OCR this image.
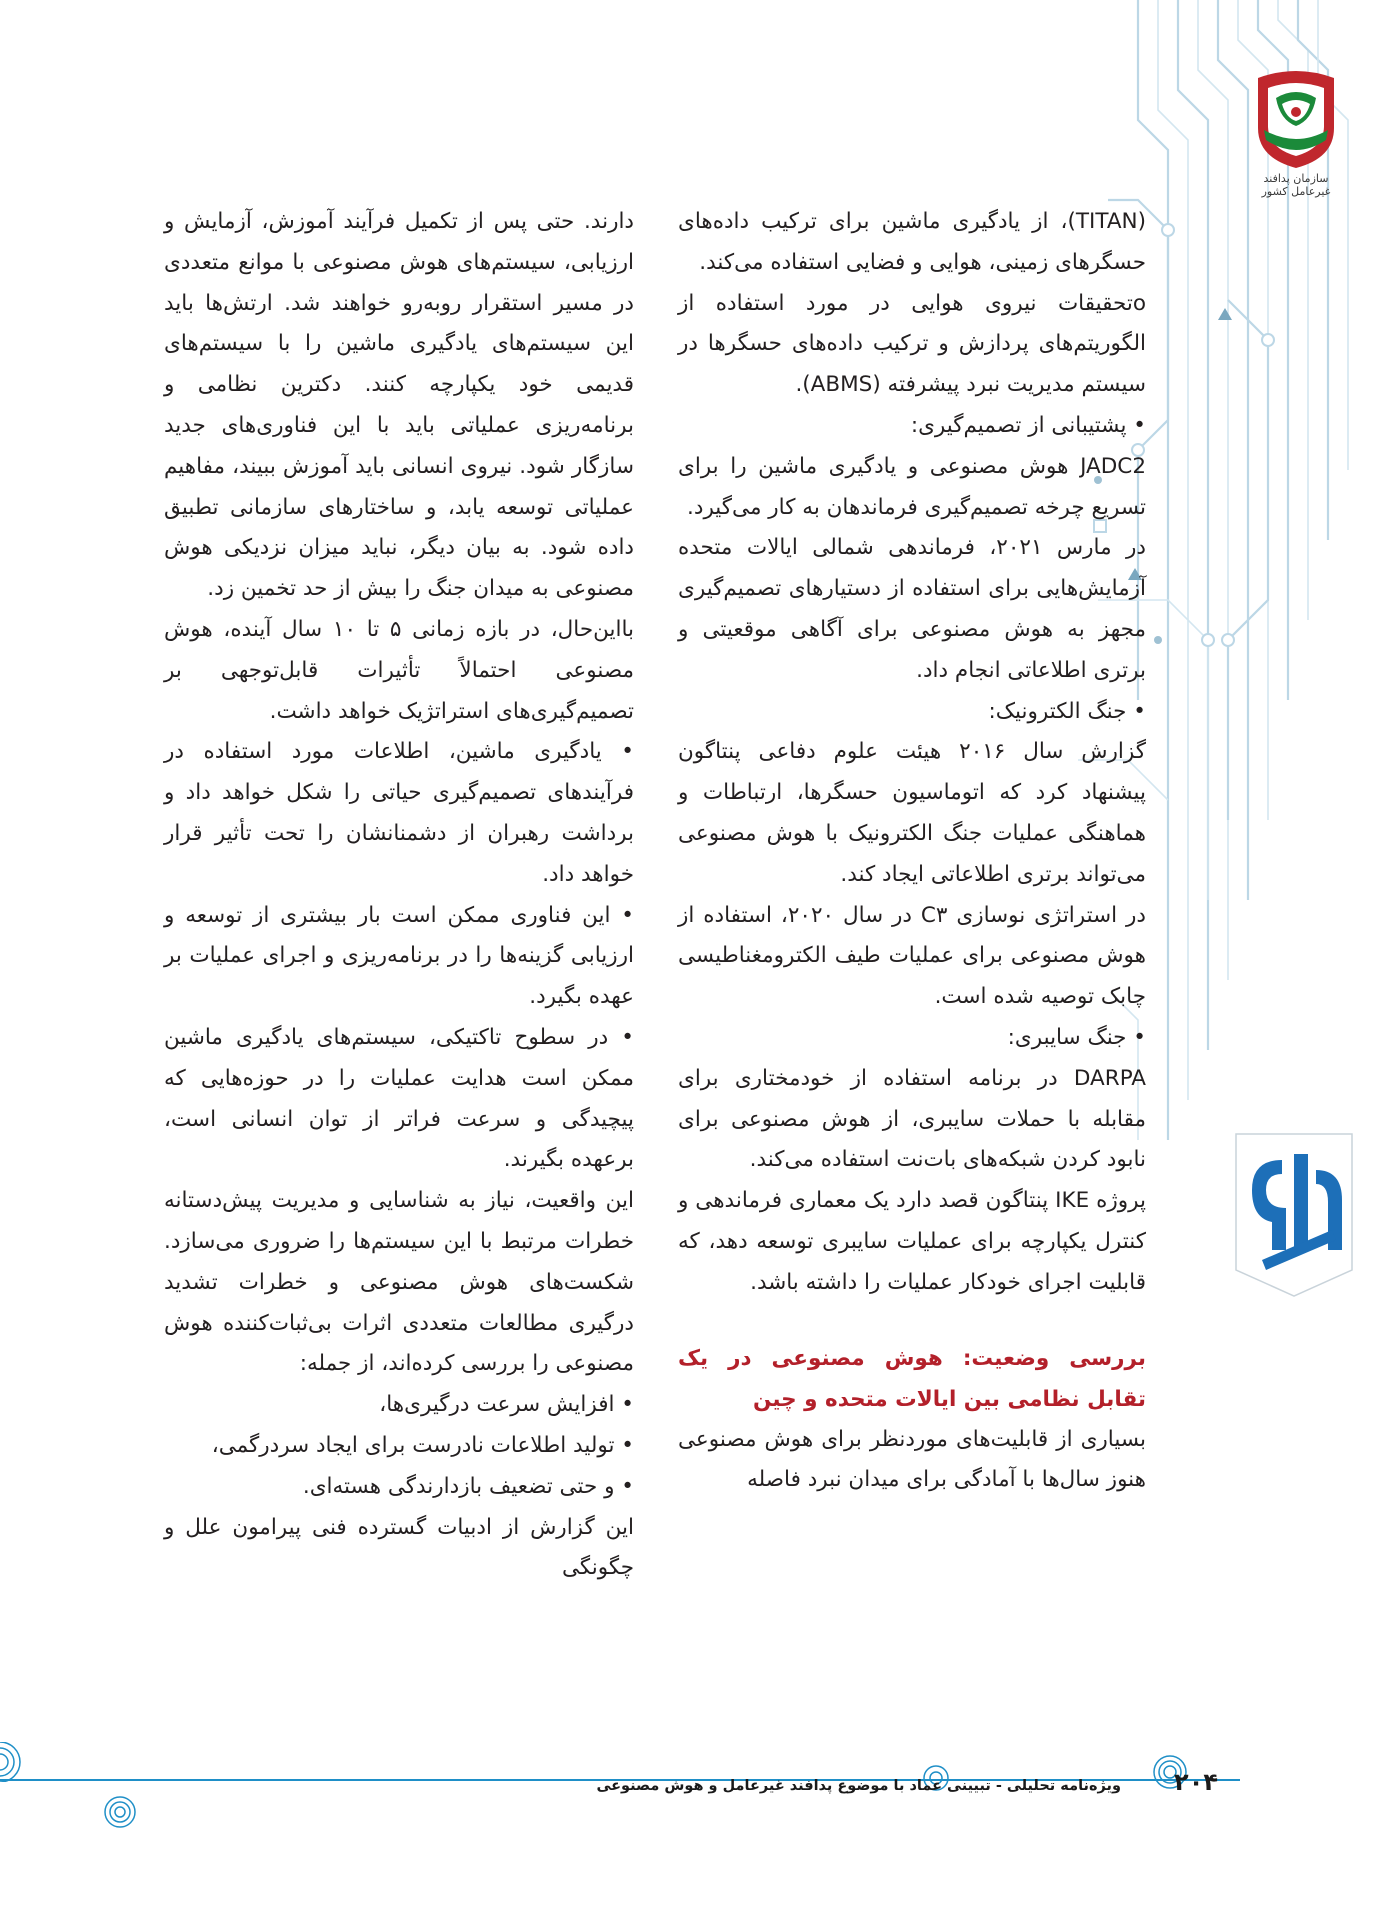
سازمان پدافند غیرعامل کشور

(TITAN)، از یادگیری ماشین برای ترکیب داده‌های حسگرهای زمینی، هوایی و فضایی استفاده می‌کند.

oتحقیقات نیروی هوایی در مورد استفاده از الگوریتم‌های پردازش و ترکیب داده‌های حسگرها در سیستم مدیریت نبرد پیشرفته (ABMS).

• پشتیبانی از تصمیم‌گیری:

JADC2 هوش مصنوعی و یادگیری ماشین را برای تسریع چرخه تصمیم‌گیری فرماندهان به کار می‌گیرد.

در مارس ۲۰۲۱، فرماندهی شمالی ایالات متحده آزمایش‌هایی برای استفاده از دستیارهای تصمیم‌گیری مجهز به هوش مصنوعی برای آگاهی موقعیتی و برتری اطلاعاتی انجام داد.

• جنگ الکترونیک:

گزارش سال ۲۰۱۶ هیئت علوم دفاعی پنتاگون پیشنهاد کرد که اتوماسیون حسگرها، ارتباطات و هماهنگی عملیات جنگ الکترونیک با هوش مصنوعی می‌تواند برتری اطلاعاتی ایجاد کند.

در استراتژی نوسازی C۳ در سال ۲۰۲۰، استفاده از هوش مصنوعی برای عملیات طیف الکترومغناطیسی چابک توصیه شده است.

• جنگ سایبری:

DARPA در برنامه استفاده از خودمختاری برای مقابله با حملات سایبری، از هوش مصنوعی برای نابود کردن شبکه‌های بات‌نت استفاده می‌کند.

پروژه IKE پنتاگون قصد دارد یک معماری فرماندهی و کنترل یکپارچه برای عملیات سایبری توسعه دهد، که قابلیت اجرای خودکار عملیات را داشته باشد.

بررسی وضعیت: هوش مصنوعی در یک تقابل نظامی بین ایالات متحده و چین

بسیاری از قابلیت‌های موردنظر برای هوش مصنوعی هنوز سال‌ها با آمادگی برای میدان نبرد فاصله

دارند. حتی پس از تکمیل فرآیند آموزش، آزمایش و ارزیابی، سیستم‌های هوش مصنوعی با موانع متعددی در مسیر استقرار روبه‌رو خواهند شد. ارتش‌ها باید این سیستم‌های یادگیری ماشین را با سیستم‌های قدیمی خود یکپارچه کنند. دکترین نظامی و برنامه‌ریزی عملیاتی باید با این فناوری‌های جدید سازگار شود. نیروی انسانی باید آموزش ببیند، مفاهیم عملیاتی توسعه یابد، و ساختارهای سازمانی تطبیق داده شود. به بیان دیگر، نباید میزان نزدیکی هوش مصنوعی به میدان جنگ را بیش از حد تخمین زد.

بااین‌حال، در بازه زمانی ۵ تا ۱۰ سال آینده، هوش مصنوعی احتمالاً تأثیرات قابل‌توجهی بر تصمیم‌گیری‌های استراتژیک خواهد داشت.

• یادگیری ماشین، اطلاعات مورد استفاده در فرآیندهای تصمیم‌گیری حیاتی را شکل خواهد داد و برداشت رهبران از دشمنانشان را تحت تأثیر قرار خواهد داد.

• این فناوری ممکن است بار بیشتری از توسعه و ارزیابی گزینه‌ها را در برنامه‌ریزی و اجرای عملیات بر عهده بگیرد.

• در سطوح تاکتیکی، سیستم‌های یادگیری ماشین ممکن است هدایت عملیات را در حوزه‌هایی که پیچیدگی و سرعت فراتر از توان انسانی است، برعهده بگیرند.

این واقعیت، نیاز به شناسایی و مدیریت پیش‌دستانه خطرات مرتبط با این سیستم‌ها را ضروری می‌سازد. شکست‌های هوش مصنوعی و خطرات تشدید درگیری مطالعات متعددی اثرات بی‌ثبات‌کننده هوش مصنوعی را بررسی کرده‌اند، از جمله:

• افزایش سرعت درگیری‌ها،

• تولید اطلاعات نادرست برای ایجاد سردرگمی،

• و حتی تضعیف بازدارندگی هسته‌ای.

این گزارش از ادبیات گسترده فنی پیرامون علل و چگونگی

ویژه‌نامه تحلیلی - تبیینی عماد با موضوع پدافند غیرعامل و هوش مصنوعی ۲۰۴
